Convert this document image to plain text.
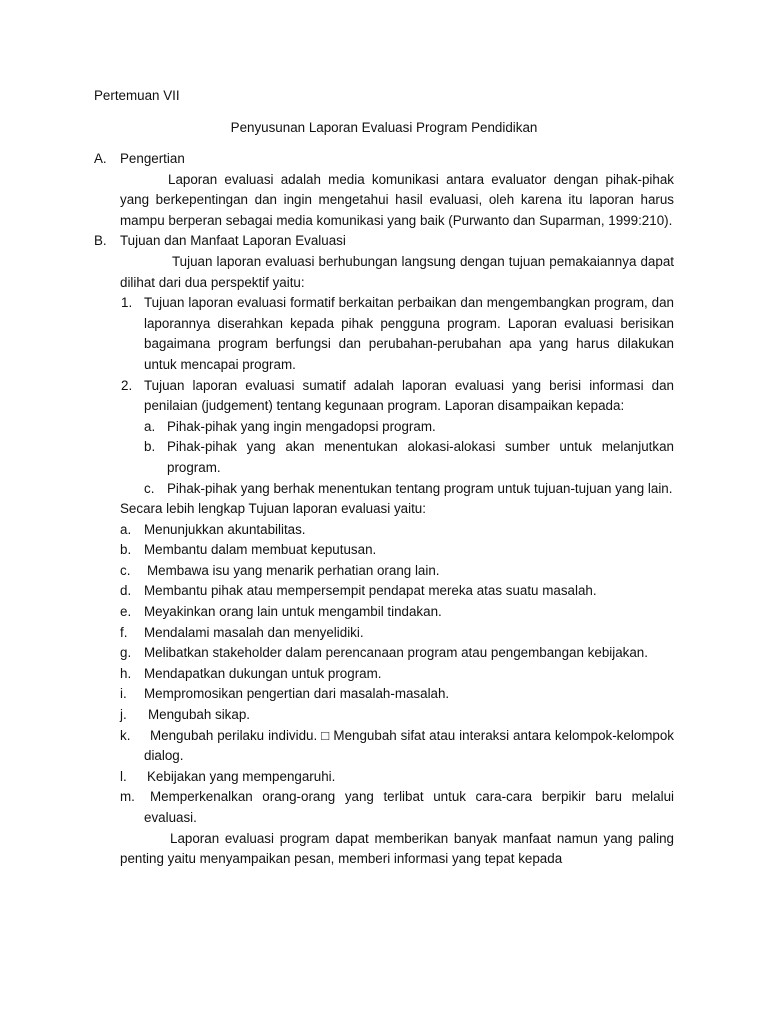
Pertemuan VII
Penyusunan Laporan Evaluasi Program Pendidikan
A. Pengertian
Laporan evaluasi adalah media komunikasi antara evaluator dengan pihak-pihak yang berkepentingan dan ingin mengetahui hasil evaluasi, oleh karena itu laporan harus mampu berperan sebagai media komunikasi yang baik (Purwanto dan Suparman, 1999:210).
B. Tujuan dan Manfaat Laporan Evaluasi
Tujuan laporan evaluasi berhubungan langsung dengan tujuan pemakaiannya dapat dilihat dari dua perspektif yaitu:
1. Tujuan laporan evaluasi formatif berkaitan perbaikan dan mengembangkan program, dan laporannya diserahkan kepada pihak pengguna program. Laporan evaluasi berisikan bagaimana program berfungsi dan perubahan-perubahan apa yang harus dilakukan untuk mencapai program.
2. Tujuan laporan evaluasi sumatif adalah laporan evaluasi yang berisi informasi dan penilaian (judgement) tentang kegunaan program. Laporan disampaikan kepada:
a. Pihak-pihak yang ingin mengadopsi program.
b. Pihak-pihak yang akan menentukan alokasi-alokasi sumber untuk melanjutkan program.
c. Pihak-pihak yang berhak menentukan tentang program untuk tujuan-tujuan yang lain.
Secara lebih lengkap Tujuan laporan evaluasi yaitu:
a. Menunjukkan akuntabilitas.
b. Membantu dalam membuat keputusan.
c. Membawa isu yang menarik perhatian orang lain.
d. Membantu pihak atau mempersempit pendapat mereka atas suatu masalah.
e. Meyakinkan orang lain untuk mengambil tindakan.
f. Mendalami masalah dan menyelidiki.
g. Melibatkan stakeholder dalam perencanaan program atau pengembangan kebijakan.
h. Mendapatkan dukungan untuk program.
i. Mempromosikan pengertian dari masalah-masalah.
j. Mengubah sikap.
k. Mengubah perilaku individu. □ Mengubah sifat atau interaksi antara kelompok-kelompok dialog.
l. Kebijakan yang mempengaruhi.
m. Memperkenalkan orang-orang yang terlibat untuk cara-cara berpikir baru melalui evaluasi.
Laporan evaluasi program dapat memberikan banyak manfaat namun yang paling penting yaitu menyampaikan pesan, memberi informasi yang tepat kepada
